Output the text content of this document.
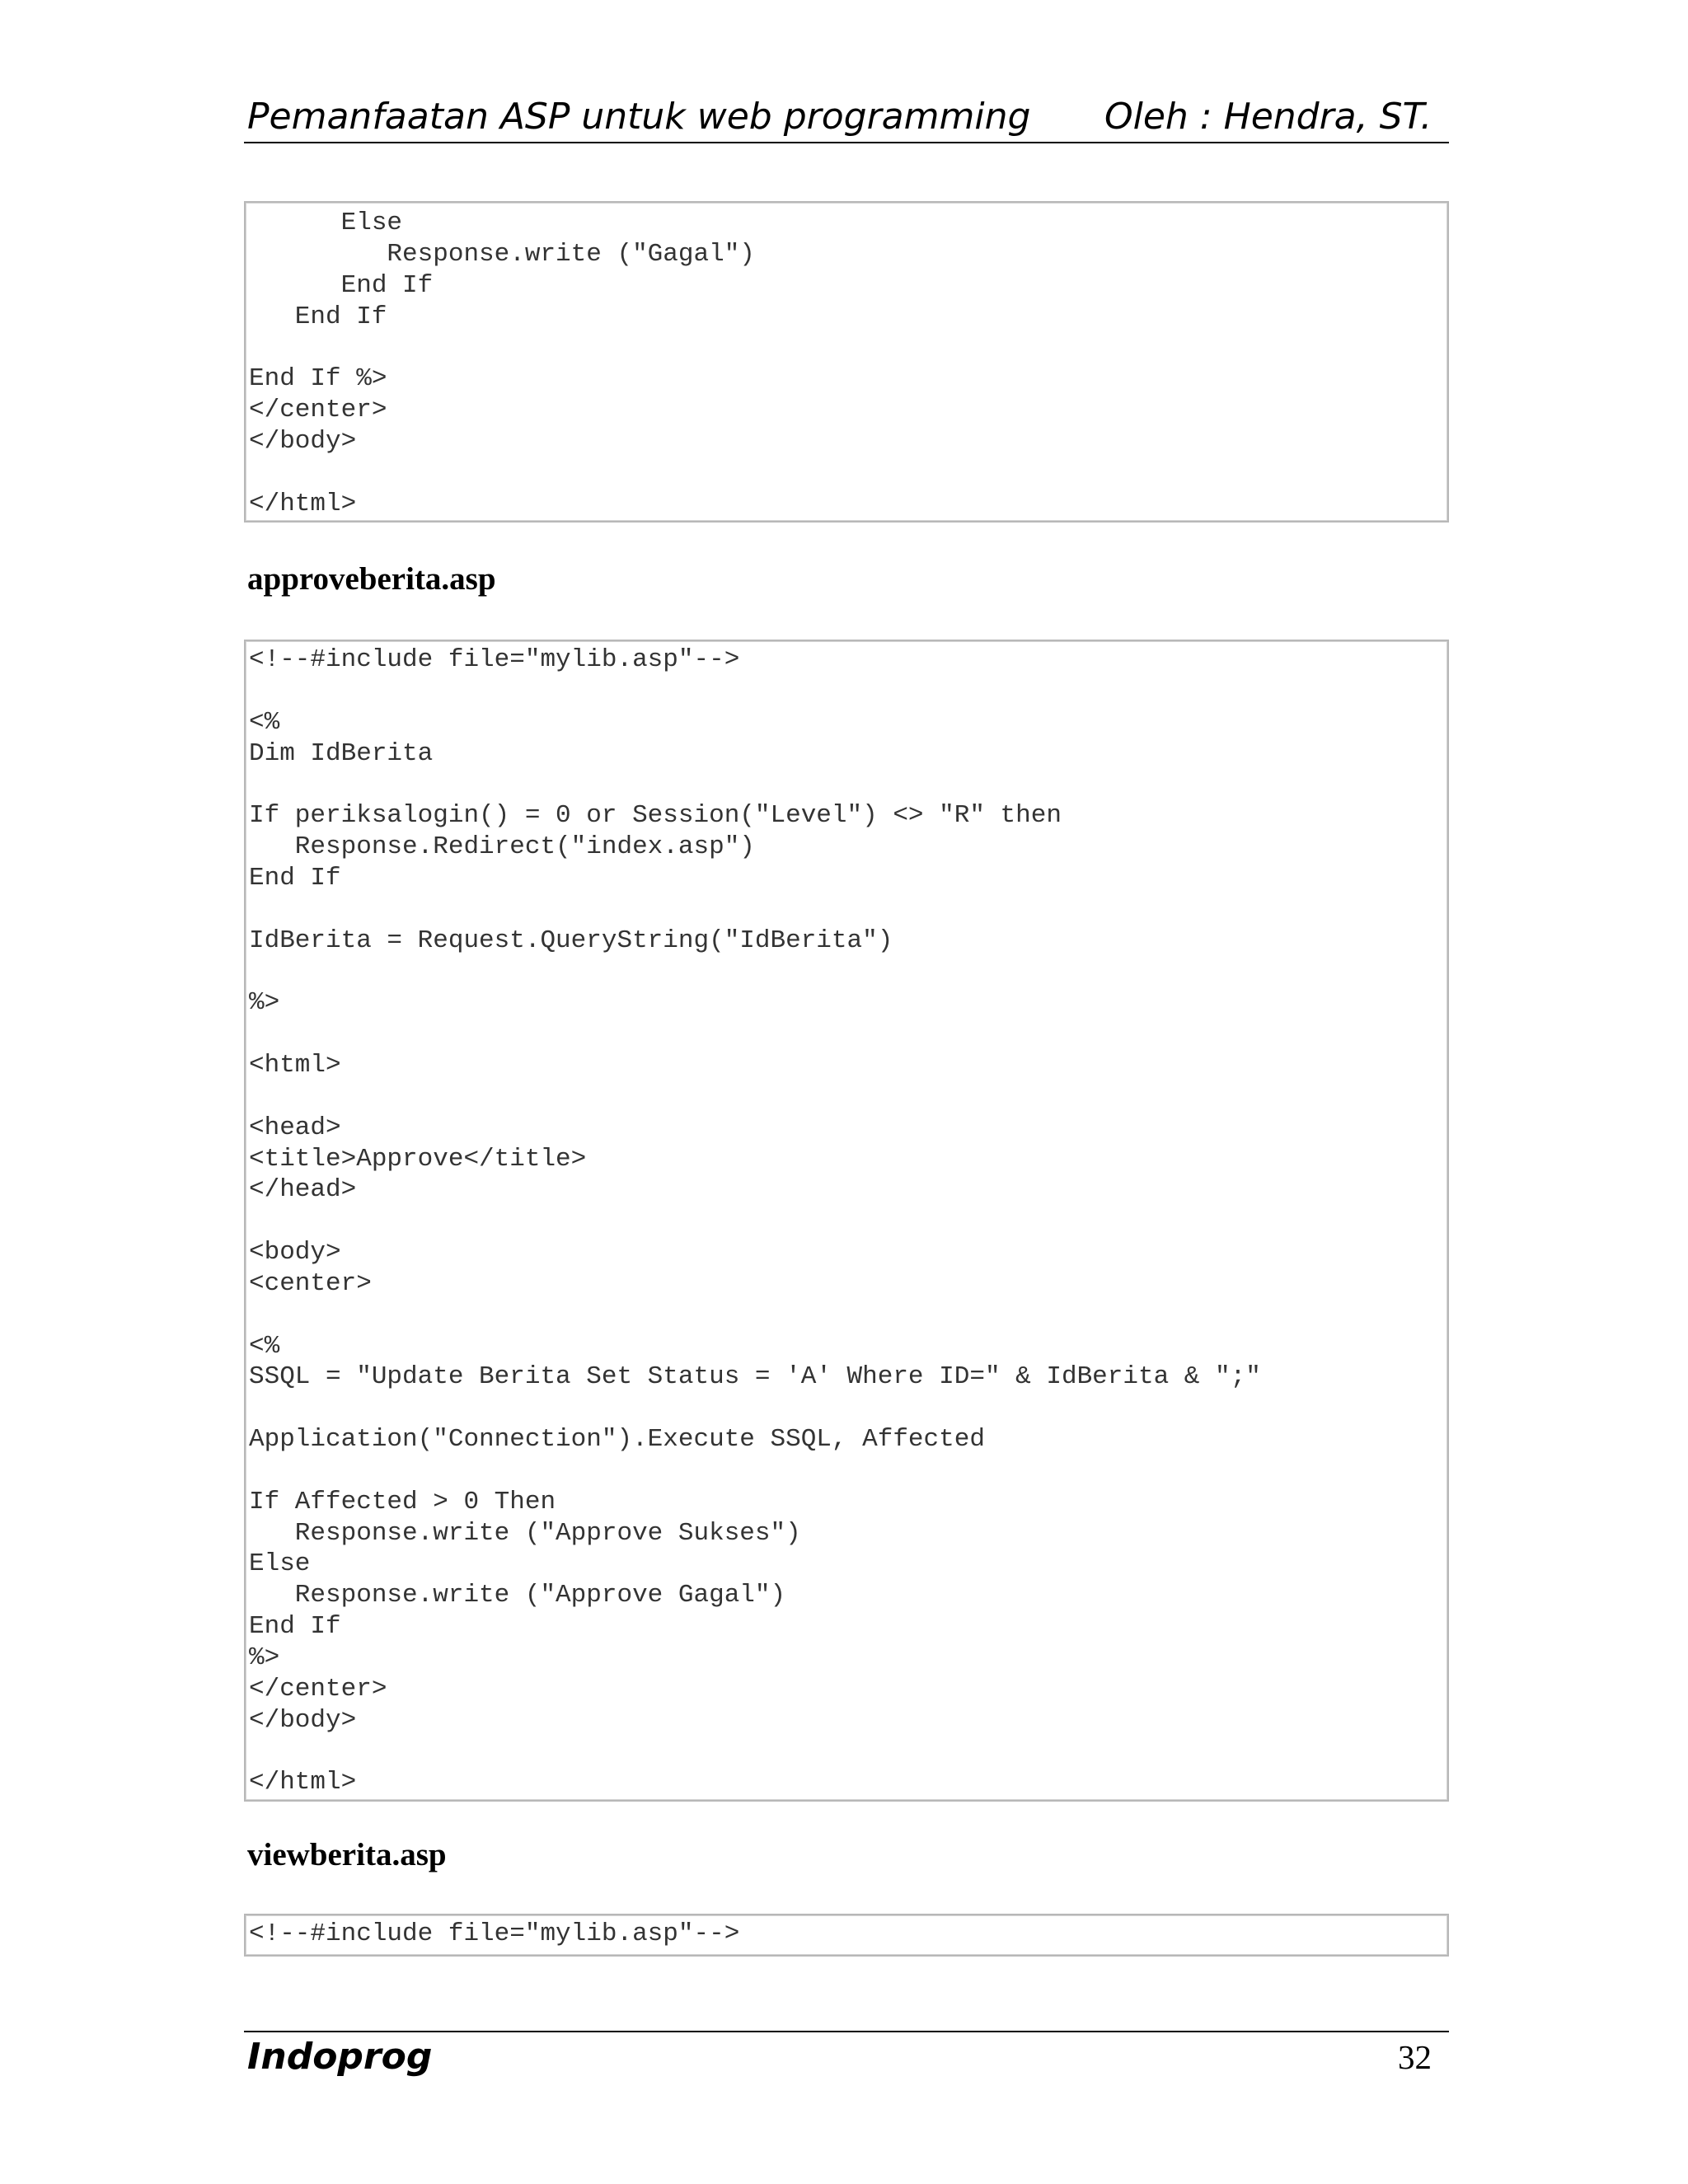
Pemanfaatan ASP untuk web programming Oleh : Hendra, ST.
Else
Response.write ("Gagal")
End If
End If

End If %>
</center>
</body>

</html>
approveberita.asp
<!--#include file="mylib.asp"-->

<%
Dim IdBerita

If periksalogin() = 0 or Session("Level") <> "R" then
Response.Redirect("index.asp")
End If

IdBerita = Request.QueryString("IdBerita")

%>

<html>

<head>
<title>Approve</title>
</head>

<body>
<center>

<%
SSQL = "Update Berita Set Status = 'A' Where ID=" & IdBerita & ";"

Application("Connection").Execute SSQL, Affected

If Affected > 0 Then
Response.write ("Approve Sukses")
Else
Response.write ("Approve Gagal")
End If
%>
</center>
</body>

</html>
viewberita.asp
<!--#include file="mylib.asp"-->
Indoprog	32
